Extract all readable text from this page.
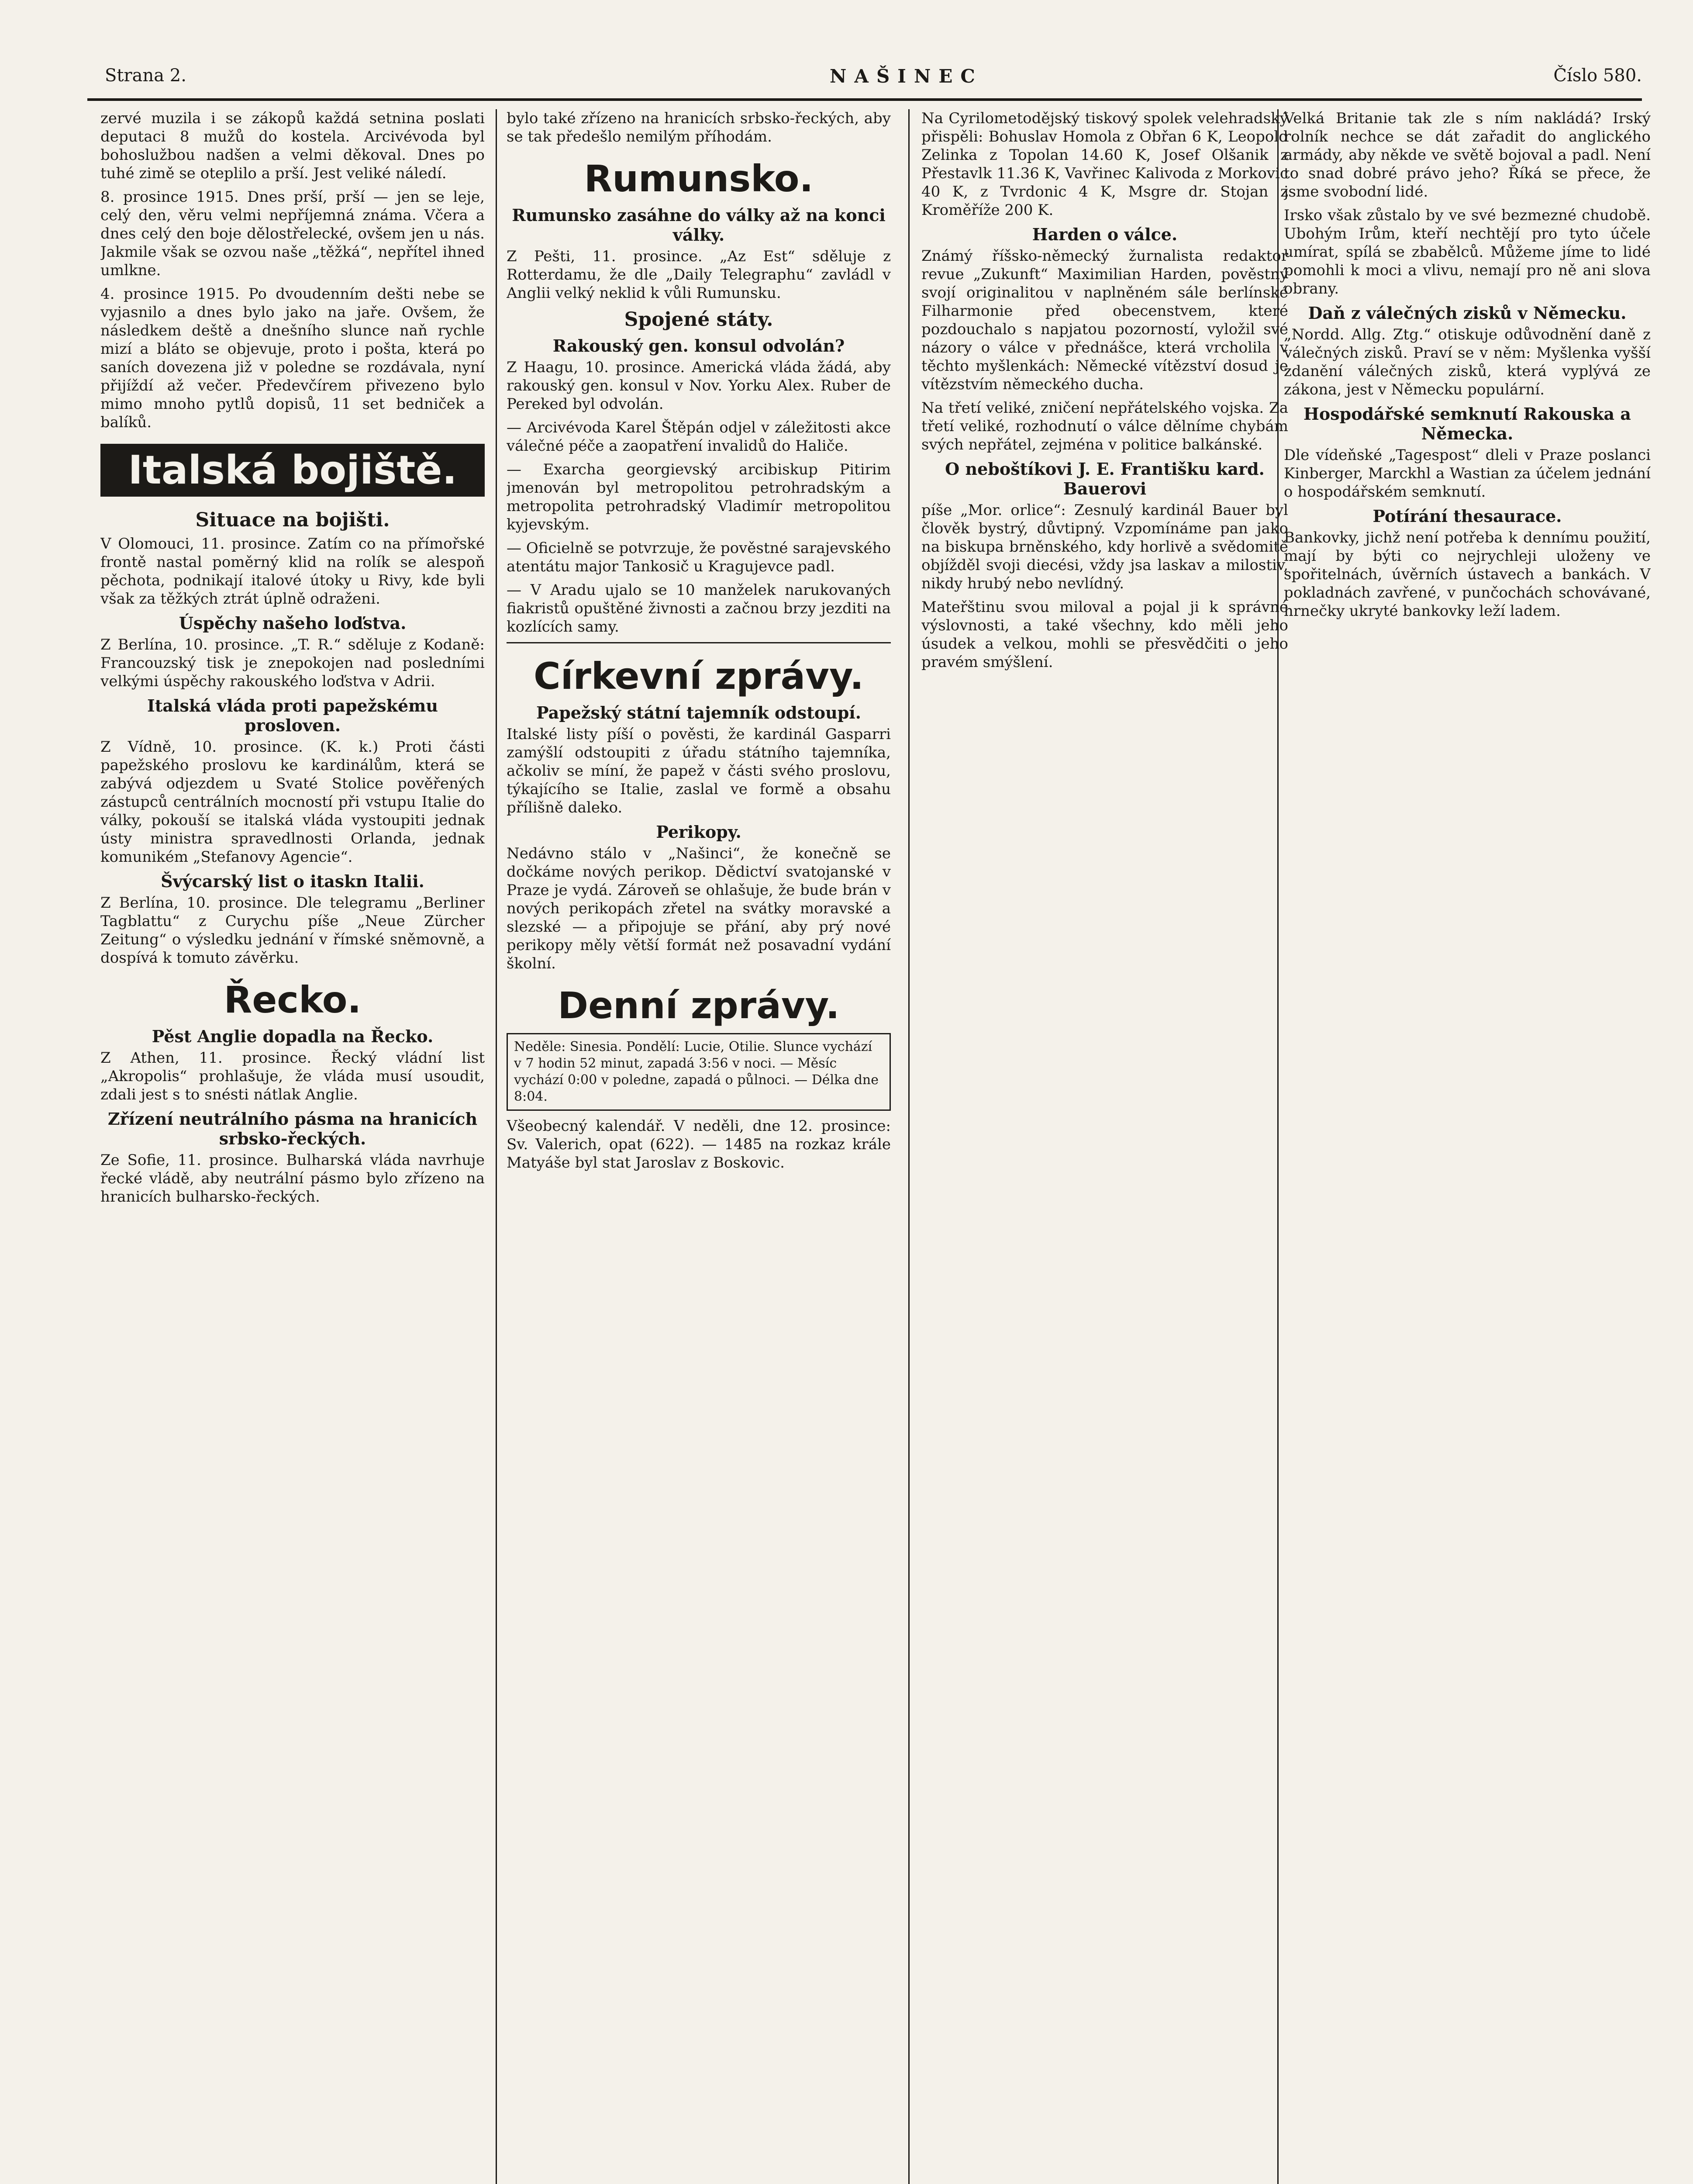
Strana 2.	NAŠINEC	Číslo 580.

zervé muzila i se zákopů každá setnina poslati deputaci 8 mužů do kostela. Arcivévoda byl bohoslužbou nadšen a velmi děkoval. Dnes po tuhé zimě se oteplilo a prší. Jest veliké náledí.

8. prosince 1915. Dnes prší, prší — jen se leje, celý den, věru velmi nepříjemná známa. Včera a dnes celý den boje dělostřelecké, ovšem jen u nás. Jakmile však se ozvou naše „těžká“, nepřítel ihned umlkne.

4. prosince 1915. Po dvoudenním dešti nebe se vyjasnilo a dnes bylo jako na jaře. Ovšem, že následkem deště a dnešního slunce naň rychle mizí a bláto se objevuje, proto i pošta, která po saních dovezena již v poledne se rozdávala, nyní přijíždí až večer. Předevčírem přivezeno bylo mimo mnoho pytlů dopisů, 11 set bedniček a balíků.

Italská bojiště.
Situace na bojišti.

V Olomouci, 11. prosince. Zatím co na přímořské frontě nastal poměrný klid na rolík se alespoň pěchota, podnikají italové útoky u Rivy, kde byli však za těžkých ztrát úplně odraženi.

Úspěchy našeho loďstva.

Z Berlína, 10. prosince. „T. R.“ sděluje z Kodaně: Francouzský tisk je znepokojen nad posledními velkými úspěchy rakouského loďstva v Adrii.

Italská vláda proti papežskému prosloven.

Z Vídně, 10. prosince. (K. k.) Proti části papežského proslovu ke kardinálům, která se zabývá odjezdem u Svaté Stolice pověřených zástupců centrálních mocností při vstupu Italie do války, pokouší se italská vláda vystoupiti jednak ústy ministra spravedlnosti Orlanda, jednak komunikém „Stefanovy Agencie“.

Švýcarský list o itaskn Italii.

Z Berlína, 10. prosince. Dle telegramu „Berliner Tagblattu“ z Curychu píše „Neue Zürcher Zeitung“ o výsledku jednání v římské sněmovně, a dospívá k tomuto závěrku.

Řecko.
Pěst Anglie dopadla na Řecko.

Z Athen, 11. prosince. Řecký vládní list „Akropolis“ prohlašuje, že vláda musí usoudit, zdali jest s to snésti nátlak Anglie.

Zřízení neutrálního pásma na hranicích srbsko-řeckých.

Ze Sofie, 11. prosince. Bulharská vláda navrhuje řecké vládě, aby neutrální pásmo bylo zřízeno na hranicích bulharsko-řeckých.

bylo také zřízeno na hranicích srbsko-řeckých, aby se tak předešlo nemilým příhodám.

Rumunsko.
Rumunsko zasáhne do války až na konci války.

Z Pešti, 11. prosince. „Az Est“ sděluje z Rotterdamu, že dle „Daily Telegraphu“ zavládl v Anglii velký neklid k vůli Rumunsku.

Spojené státy.
Rakouský gen. konsul odvolán?

Z Haagu, 10. prosince. Americká vláda žádá, aby rakouský gen. konsul v Nov. Yorku Alex. Ruber de Pereked byl odvolán.

— Arcivévoda Karel Štěpán odjel v záležitosti akce válečné péče a zaopatření invalidů do Haliče.

— Exarcha georgievský arcibiskup Pitirim jmenován byl metropolitou petrohradským a metropolita petrohradský Vladimír metropolitou kyjevským.

— Oficielně se potvrzuje, že pověstné sarajevského atentátu major Tankosič u Kragujevce padl.

— V Aradu ujalo se 10 manželek narukovaných fiakristů opuštěné živnosti a začnou brzy jezditi na kozlících samy.

Církevní zprávy.
Papežský státní tajemník odstoupí.

Italské listy píší o pověsti, že kardinál Gasparri zamýšlí odstoupiti z úřadu státního tajemníka, ačkoliv se míní, že papež v části svého proslovu, týkajícího se Italie, zaslal ve formě a obsahu přílišně daleko.

Perikopy.

Nedávno stálo v „Našinci“, že konečně se dočkáme nových perikop. Dědictví svatojanské v Praze je vydá. Zároveň se ohlašuje, že bude brán v nových perikopách zřetel na svátky moravské a slezské — a připojuje se přání, aby prý nové perikopy měly větší formát než posavadní vydání školní.

Denní zprávy.
Neděle: Sinesia. Pondělí: Lucie, Otilie. Slunce vychází v 7 hodin 52 minut, zapadá 3:56 v noci. — Měsíc vychází 0:00 v poledne, zapadá o půlnoci. — Délka dne 8:04.

Všeobecný kalendář. V neděli, dne 12. prosince: Sv. Valerich, opat (622). — 1485 na rozkaz krále Matyáše byl stat Jaroslav z Boskovic.

Na Cyrilometodějský tiskový spolek velehradský přispěli: Bohuslav Homola z Obřan 6 K, Leopold Zelinka z Topolan 14.60 K, Josef Olšanik z Přestavlk 11.36 K, Vavřinec Kalivoda z Morkovic 40 K, z Tvrdonic 4 K, Msgre dr. Stojan z Kroměříže 200 K.

Harden o válce.

Známý říšsko-německý žurnalista redaktor revue „Zukunft“ Maximilian Harden, pověstný svojí originalitou v naplněném sále berlínské Filharmonie před obecenstvem, které pozdouchalo s napjatou pozorností, vyložil své názory o válce v přednášce, která vrcholila v těchto myšlenkách: Německé vítězství dosud je vítězstvím německého ducha.

Na třetí veliké, zničení nepřátelského vojska. Za třetí veliké, rozhodnutí o válce dělníme chybám svých nepřátel, zejména v politice balkánské.

O neboštíkovi J. E. Františku kard. Bauerovi

píše „Mor. orlice“: Zesnulý kardinál Bauer byl člověk bystrý, důvtipný. Vzpomínáme pan jako na biskupa brněnského, kdy horlivě a svědomitě objížděl svoji diecési, vždy jsa laskav a milostiv, nikdy hrubý nebo nevlídný.

Mateřštinu svou miloval a pojal ji k správné výslovnosti, a také všechny, kdo měli jeho úsudek a velkou, mohli se přesvědčiti o jeho pravém smýšlení.

Velká Britanie tak zle s ním nakládá? Irský rolník nechce se dát zařadit do anglického armády, aby někde ve světě bojoval a padl. Není to snad dobré právo jeho? Říká se přece, že jsme svobodní lidé.

Irsko však zůstalo by ve své bezmezné chudobě. Ubohým Irům, kteří nechtějí pro tyto účele umírat, spílá se zbabělců. Můžeme jíme to lidé pomohli k moci a vlivu, nemají pro ně ani slova obrany.

Daň z válečných zisků v Německu.

„Nordd. Allg. Ztg.“ otiskuje odůvodnění daně z válečných zisků. Praví se v něm: Myšlenka vyšší zdanění válečných zisků, která vyplývá ze zákona, jest v Německu populární.

Hospodářské semknutí Rakouska a Německa.

Dle vídeňské „Tagespost“ dleli v Praze poslanci Kinberger, Marckhl a Wastian za účelem jednání o hospodářském semknutí.

Potírání thesaurace.

Bankovky, jichž není potřeba k dennímu použití, mají by býti co nejrychleji uloženy ve spořitelnách, úvěrních ústavech a bankách. V pokladnách zavřené, v punčochách schovávané, hrnečky ukryté bankovky leží ladem.
